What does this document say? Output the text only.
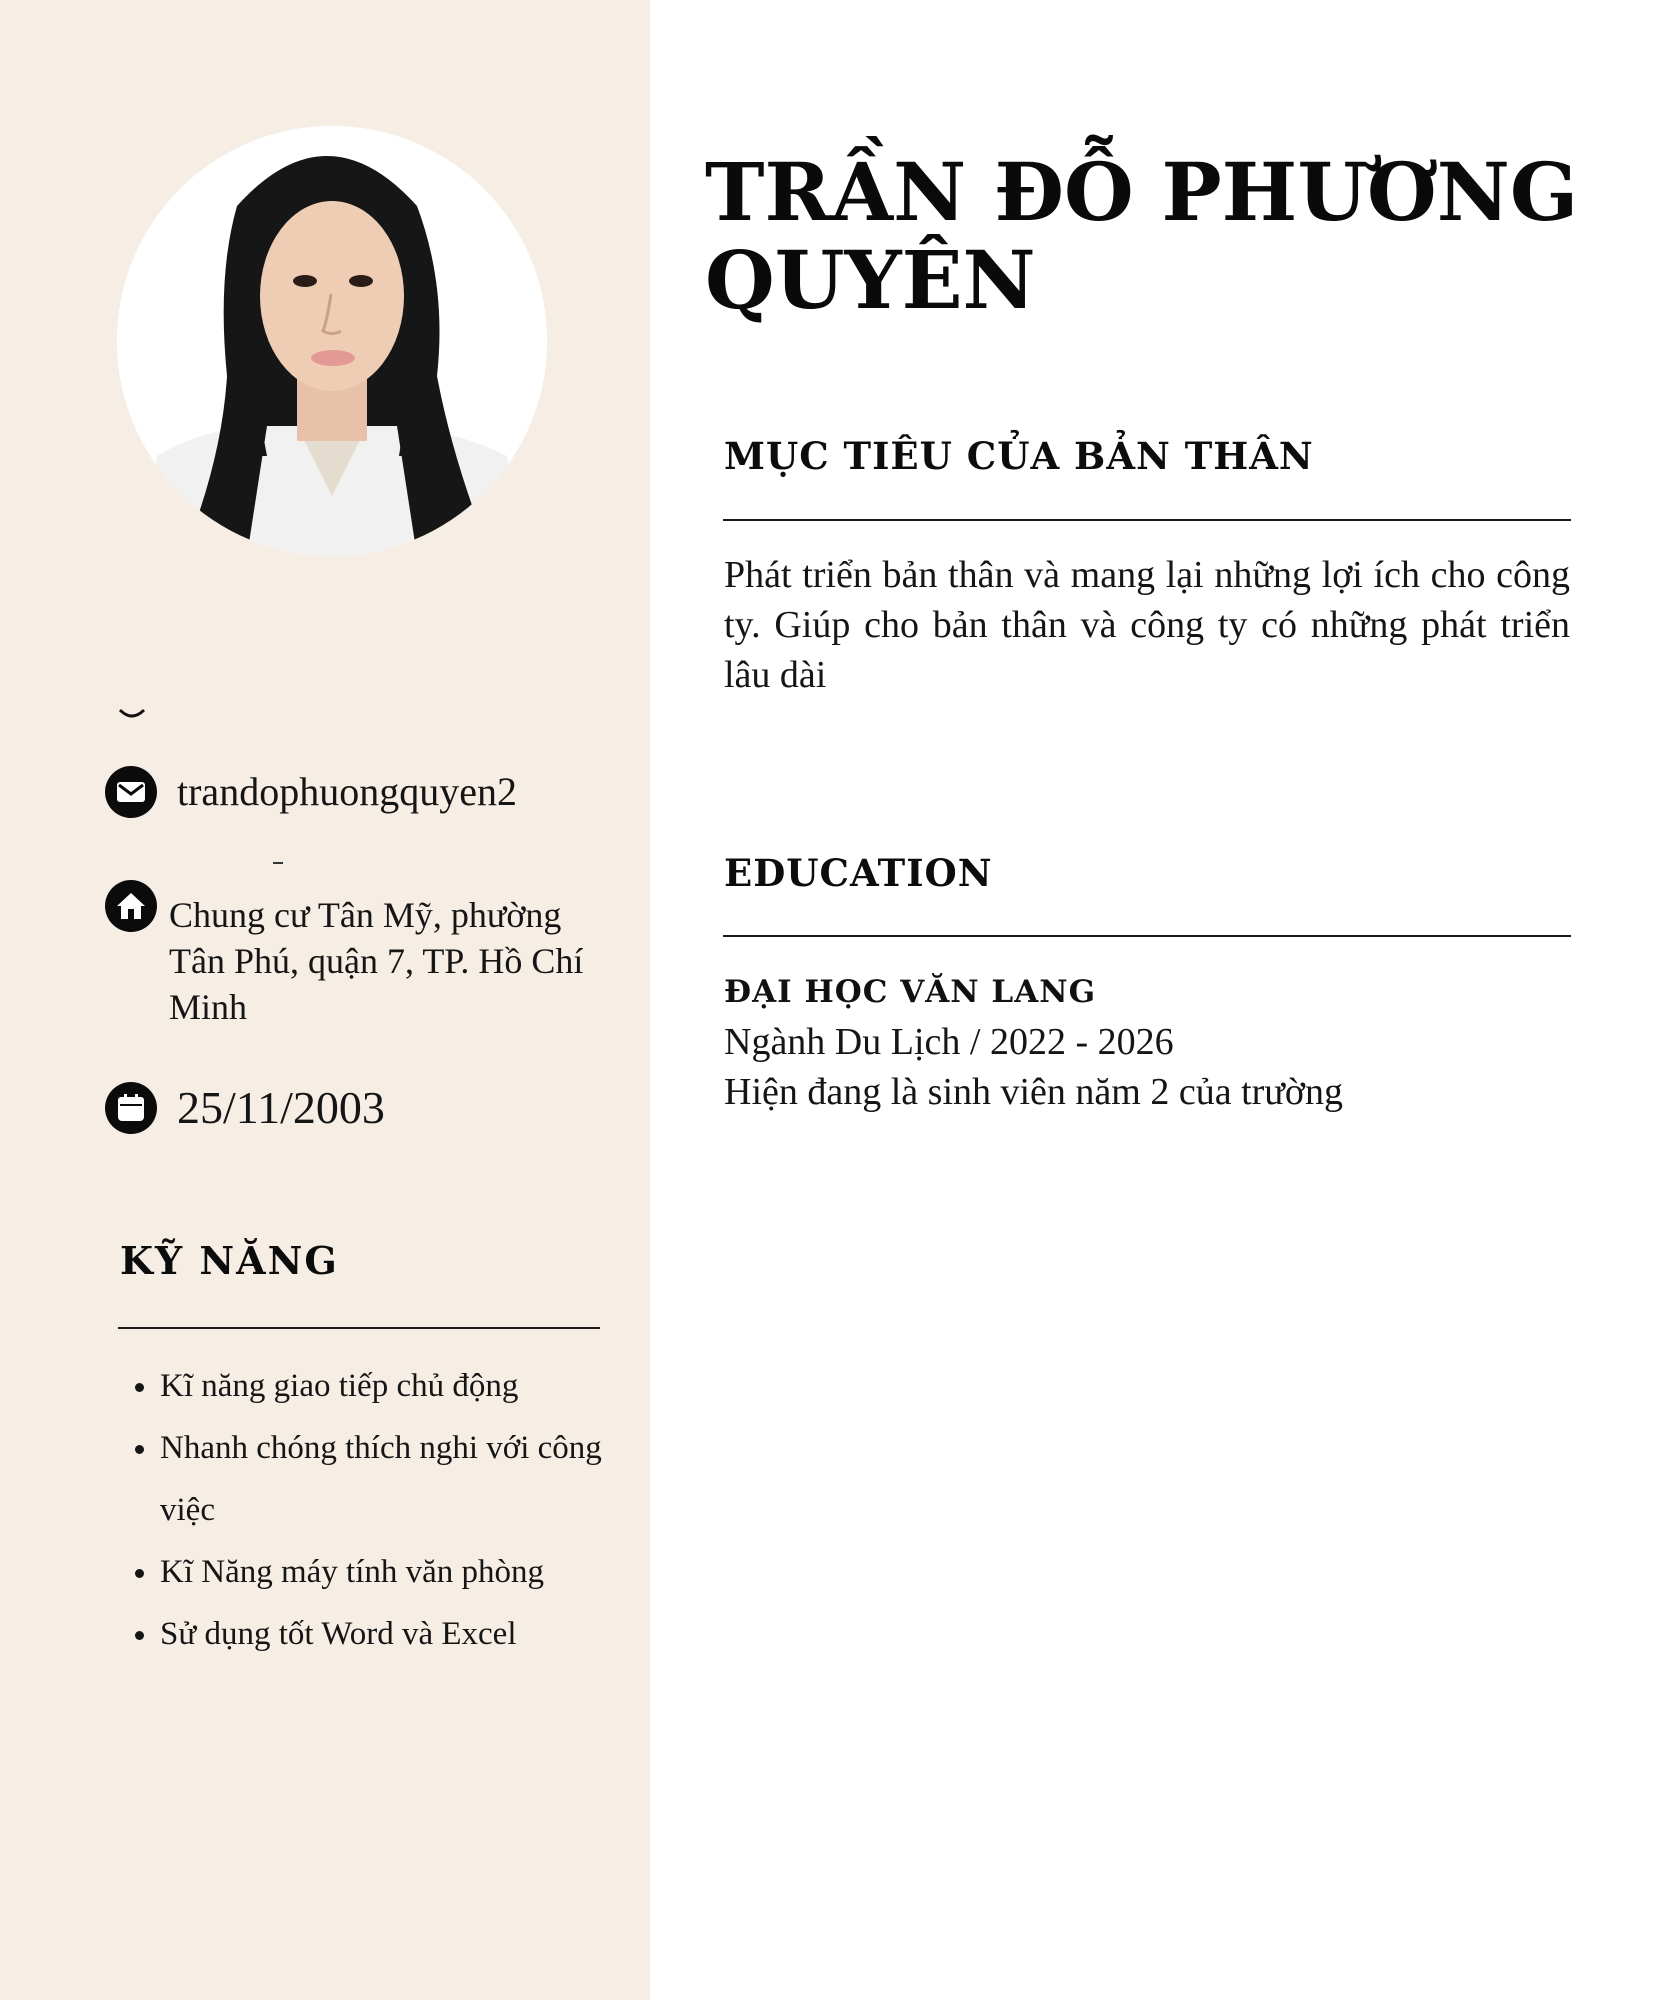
trandophuongquyen2
Chung cư Tân Mỹ, phường Tân Phú, quận 7, TP. Hồ Chí Minh
25/11/2003
KỸ NĂNG
• Kĩ năng giao tiếp chủ động
• Nhanh chóng thích nghi với công việc
• Kĩ Năng máy tính văn phòng
• Sử dụng tốt Word và Excel
TRẦN ĐỖ PHƯƠNG QUYÊN
MỤC TIÊU CỦA BẢN THÂN

Phát triển bản thân và mang lại những lợi ích cho công ty. Giúp cho bản thân và công ty có những phát triển lâu dài

EDUCATION

ĐẠI HỌC VĂN LANG

Ngành Du Lịch / 2022 - 2026

Hiện đang là sinh viên năm 2 của trường
